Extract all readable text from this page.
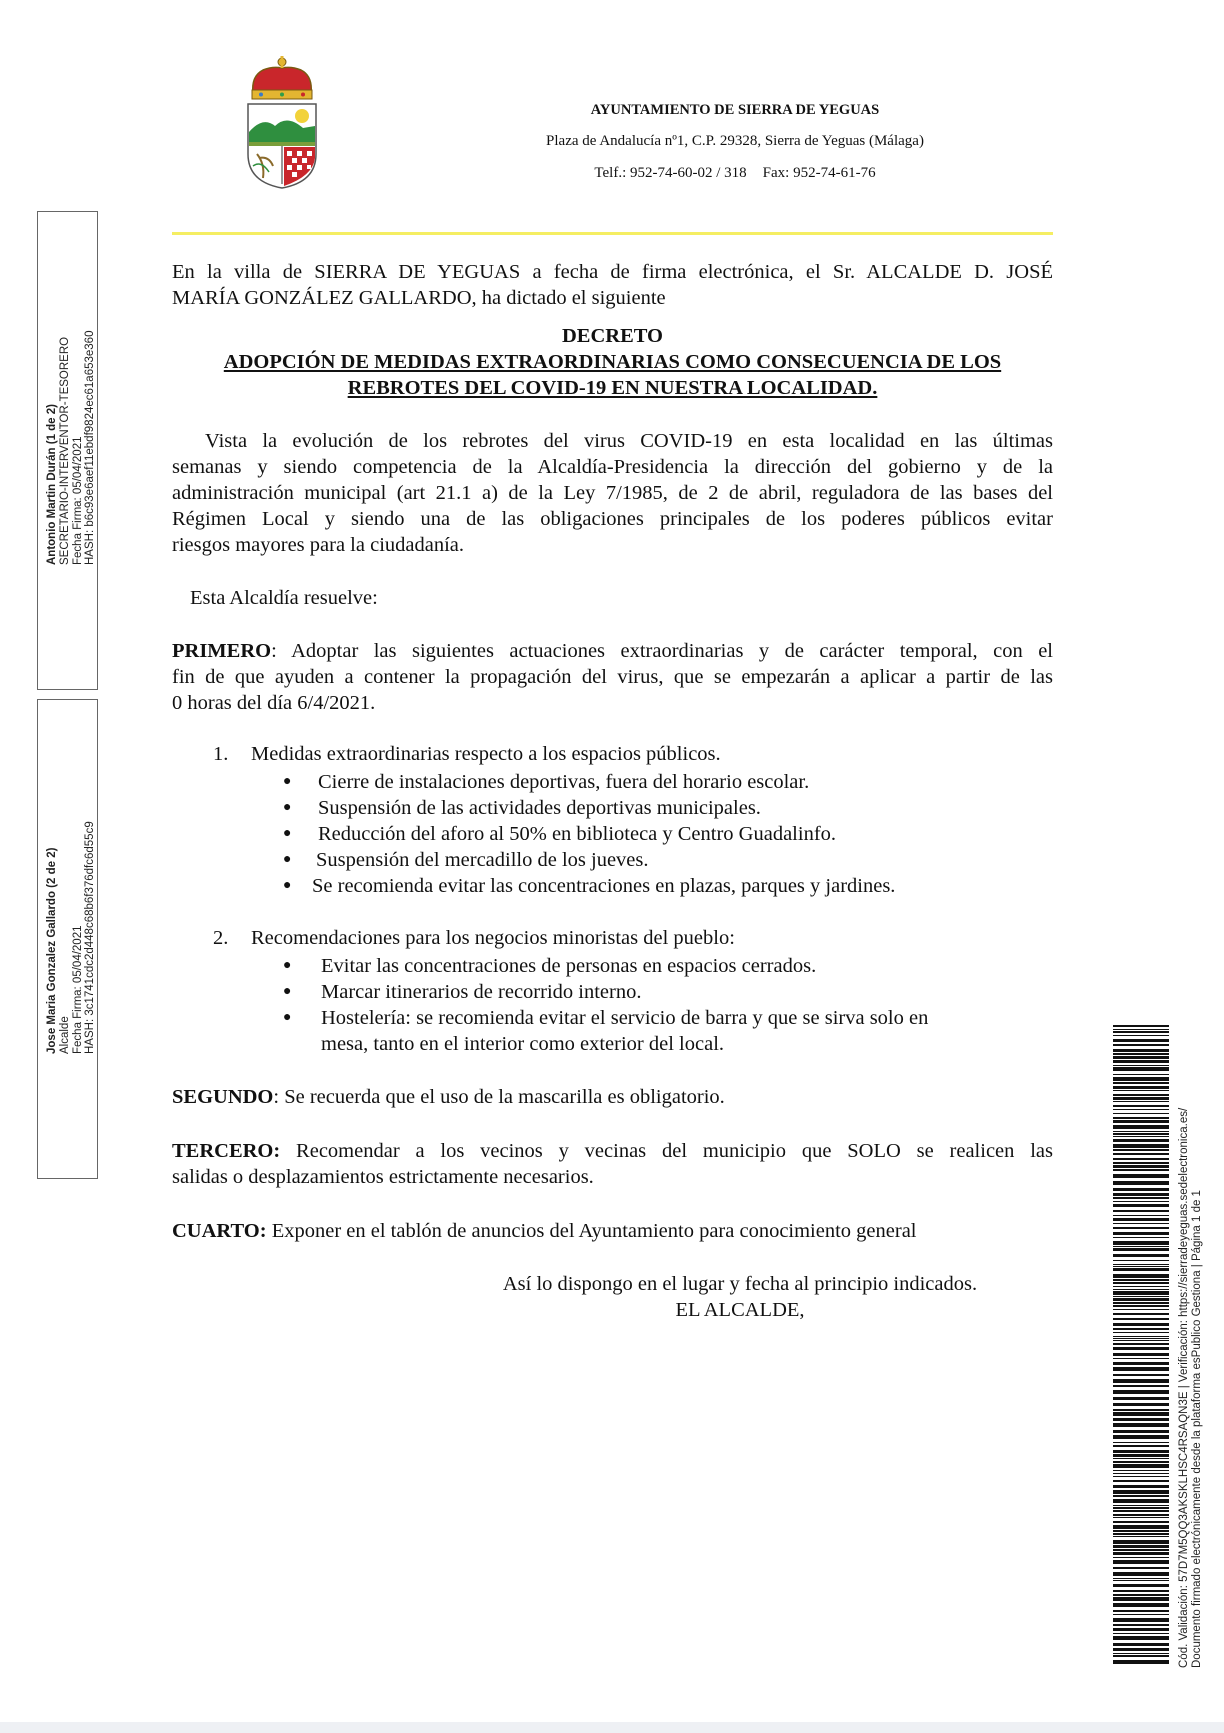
AYUNTAMIENTO DE SIERRA DE YEGUAS
Plaza de Andalucía nº1, C.P. 29328, Sierra de Yeguas (Málaga)
Telf.: 952-74-60-02 / 318 Fax: 952-74-61-76
En la villa de SIERRA DE YEGUAS a fecha de firma electrónica, el Sr. ALCALDE D. JOSÉ
MARÍA GONZÁLEZ GALLARDO, ha dictado el siguiente
DECRETO
ADOPCIÓN DE MEDIDAS EXTRAORDINARIAS COMO CONSECUENCIA DE LOS
REBROTES DEL COVID-19 EN NUESTRA LOCALIDAD.
Vista la evolución de los rebrotes del virus COVID-19 en esta localidad en las últimas
semanas y siendo competencia de la Alcaldía-Presidencia la dirección del gobierno y de la
administración municipal (art 21.1 a) de la Ley 7/1985, de 2 de abril, reguladora de las bases del
Régimen Local y siendo una de las obligaciones principales de los poderes públicos evitar
riesgos mayores para la ciudadanía.
Esta Alcaldía resuelve:
PRIMERO: Adoptar las siguientes actuaciones extraordinarias y de carácter temporal, con el
fin de que ayuden a contener la propagación del virus, que se empezarán a aplicar a partir de las
0 horas del día 6/4/2021.
1. Medidas extraordinarias respecto a los espacios públicos.
●	Cierre de instalaciones deportivas, fuera del horario escolar.
●	Suspensión de las actividades deportivas municipales.
●	Reducción del aforo al 50% en biblioteca y Centro Guadalinfo.
●	Suspensión del mercadillo de los jueves.
●	Se recomienda evitar las concentraciones en plazas, parques y jardines.
2. Recomendaciones para los negocios minoristas del pueblo:
●	Evitar las concentraciones de personas en espacios cerrados.
●	Marcar itinerarios de recorrido interno.
●	Hostelería: se recomienda evitar el servicio de barra y que se sirva solo en
mesa, tanto en el interior como exterior del local.
SEGUNDO: Se recuerda que el uso de la mascarilla es obligatorio.
TERCERO: Recomendar a los vecinos y vecinas del municipio que SOLO se realicen las
salidas o desplazamientos estrictamente necesarios.
CUARTO: Exponer en el tablón de anuncios del Ayuntamiento para conocimiento general
Así lo dispongo en el lugar y fecha al principio indicados.
EL ALCALDE,
Antonio Martin Durán (1 de 2) SECRETARIO-INTERVENTOR-TESORERO Fecha Firma: 05/04/2021 HASH: b6c93e6aef11ebdf9824ec61a653e360
Jose Maria Gonzalez Gallardo (2 de 2) Alcalde Fecha Firma: 05/04/2021 HASH: 3c1741cdc2d448c68b6f376dfc6d55c9
Cód. Validación: 57D7M5QQ3AKSKLHSC4RSAQN3E | Verificación: https://sierradeyeguas.sedelectronica.es/ Documento firmado electrónicamente desde la plataforma esPublico Gestiona | Página 1 de 1
